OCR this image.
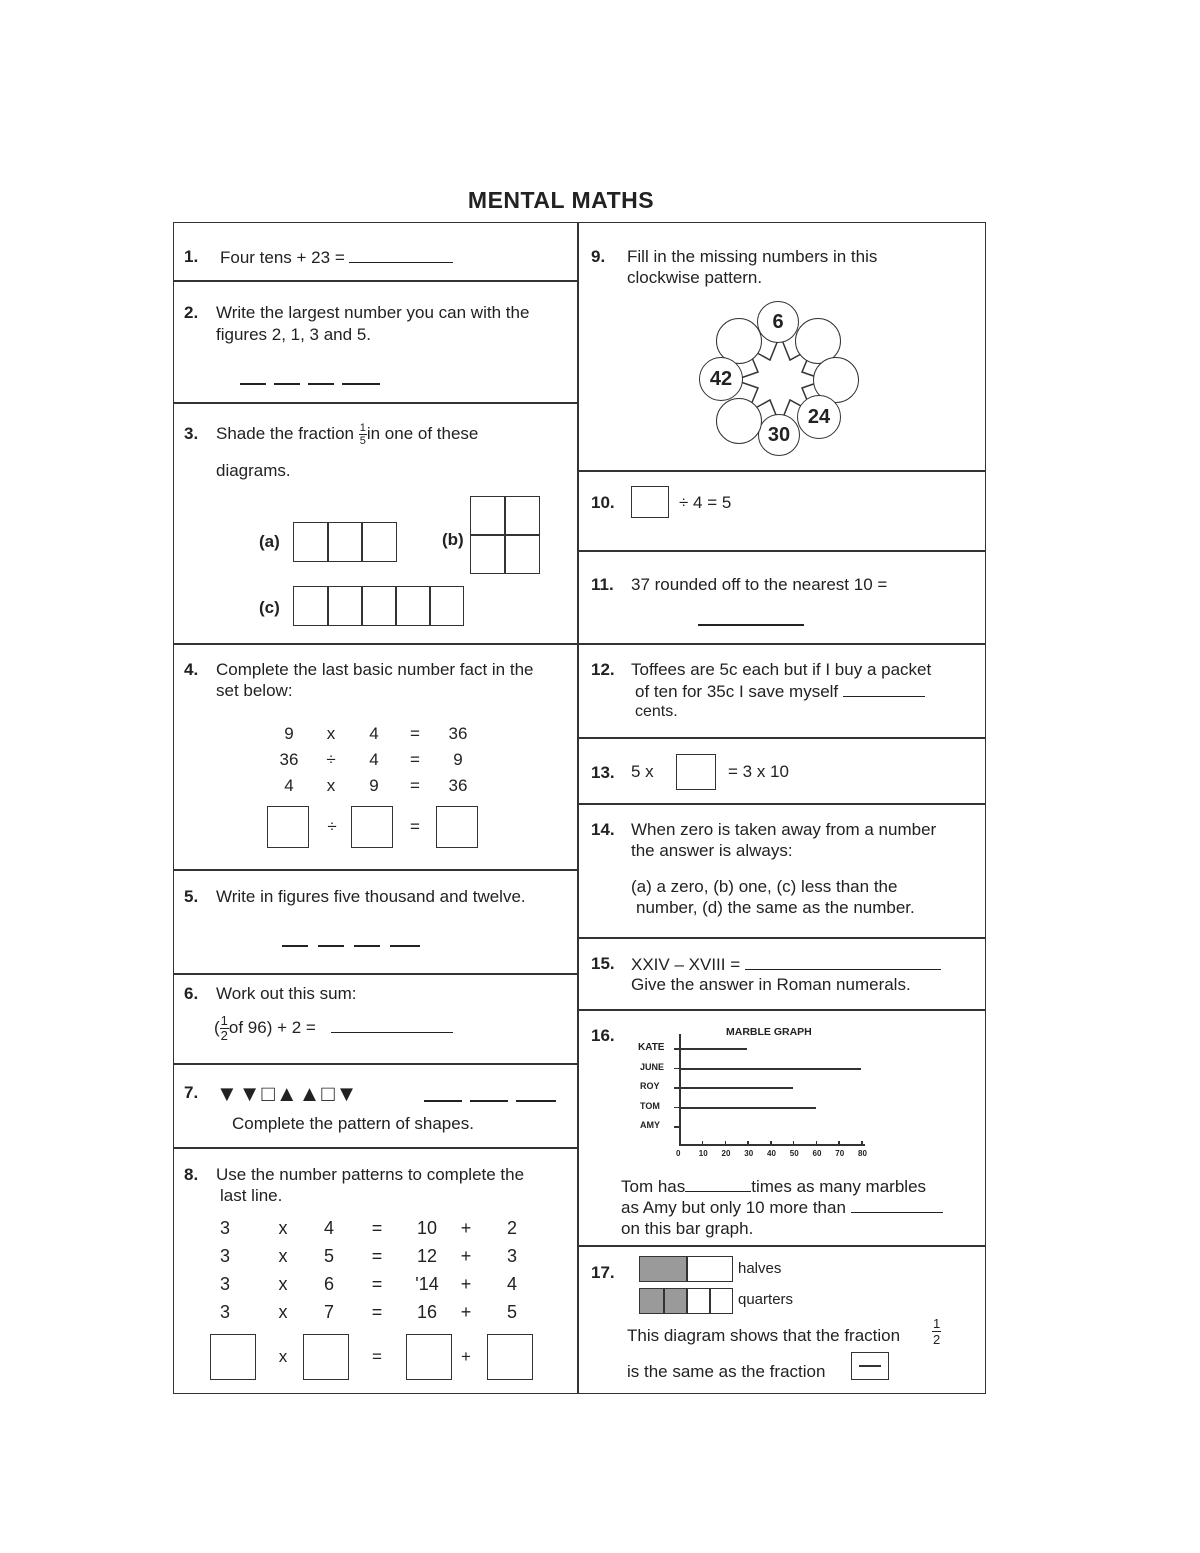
MENTAL MATHS
1. Four tens + 23 =
2. Write the largest number you can with the
figures 2, 1, 3 and 5.
3. Shade the fraction $\frac{1}{5}$ in one of these
diagrams.
(a)	(b)
(c)
4. Complete the last basic number fact in the
set below:
9	x	4	=	36
36	÷	4	=	9
4	x	9	=	36
÷	=
5. Write in figures five thousand and twelve.
6. Work out this sum:
( $\frac{1}{2}$ of 96) + 2 =
7. ▼▼□▲▲□▼
Complete the pattern of shapes.
8. Use the number patterns to complete the
last line.
3	x	4	=	10	+	2
3	x	5	=	12	+	3
3	x	6	=	'14	+	4
3	x	7	=	16	+	5
x	=	+
9. Fill in the missing numbers in this
clockwise pattern.
6
24
30
42
10.	÷ 4 = 5
11. 37 rounded off to the nearest 10 =
12. Toffees are 5c each but if I buy a packet
of ten for 35c I save myself
cents.
13. 5 x	= 3 x 10
14. When zero is taken away from a number
the answer is always:
(a) a zero, (b) one, (c) less than the
number, (d) the same as the number.
15. XXIV – XVIII =
Give the answer in Roman numerals.
16.	MARBLE GRAPH
KATE
JUNE
ROY
TOM
AMY
0 10 20 30 40 50 60 70 80
Tom has	times as many marbles
as Amy but only 10 more than
on this bar graph.
17.	halves
quarters
This diagram shows that the fraction $\frac{1}{2}$
is the same as the fraction
